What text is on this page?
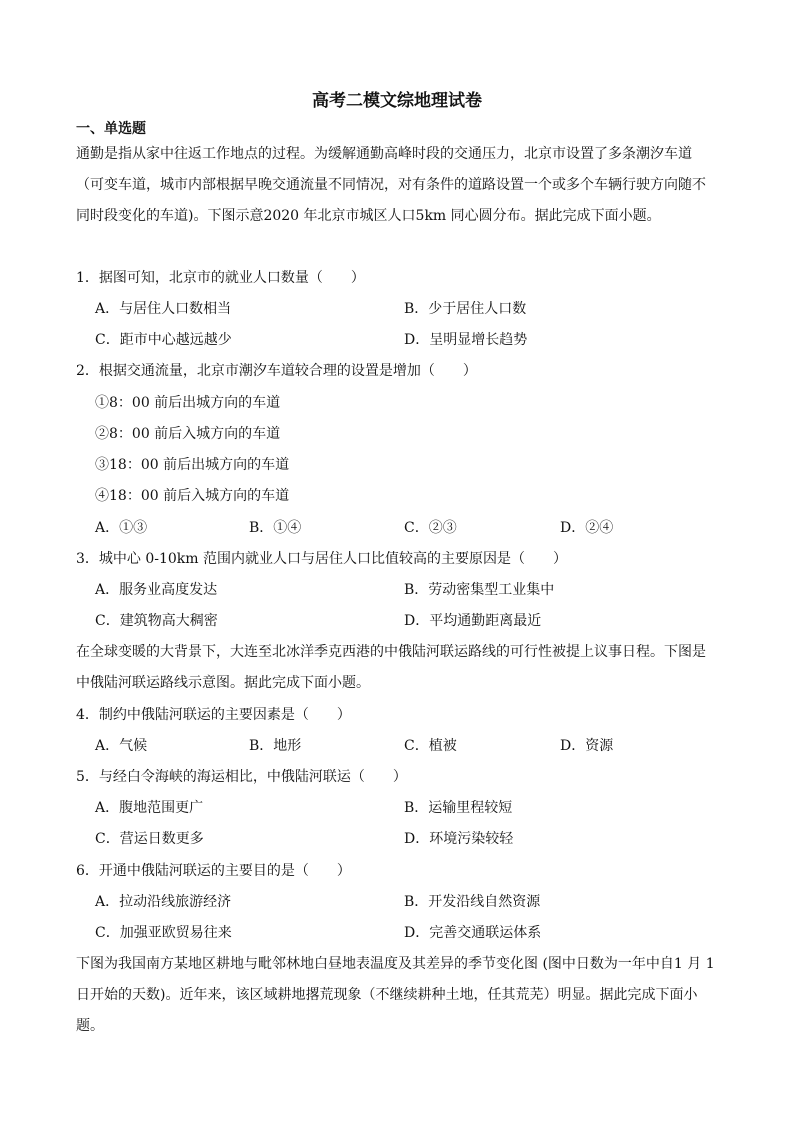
高考二模文综地理试卷
一、单选题

通勤是指从家中往返工作地点的过程。为缓解通勤高峰时段的交通压力，北京市设置了多条潮汐车道（可变车道，城市内部根据早晚交通流量不同情况，对有条件的道路设置一个或多个车辆行驶方向随不同时段变化的车道)。下图示意2020 年北京市城区人口5km 同心圆分布。据此完成下面小题。

1．据图可知，北京市的就业人口数量（　　）
A．与居住人口数相当	B．少于居住人口数
C．距市中心越远越少	D．呈明显增长趋势
2．根据交通流量，北京市潮汐车道较合理的设置是增加（　　）
①8：00 前后出城方向的车道
②8：00 前后入城方向的车道
③18：00 前后出城方向的车道
④18：00 前后入城方向的车道
A．①③	B．①④	C．②③	D．②④
3．城中心 0-10km 范围内就业人口与居住人口比值较高的主要原因是（　　）
A．服务业高度发达	B．劳动密集型工业集中
C．建筑物高大稠密	D．平均通勤距离最近

在全球变暖的大背景下，大连至北冰洋季克西港的中俄陆河联运路线的可行性被提上议事日程。下图是中俄陆河联运路线示意图。据此完成下面小题。

4．制约中俄陆河联运的主要因素是（　　）
A．气候	B．地形	C．植被	D．资源
5．与经白令海峡的海运相比，中俄陆河联运（　　）
A．腹地范围更广	B．运输里程较短
C．营运日数更多	D．环境污染较轻
6．开通中俄陆河联运的主要目的是（　　）
A．拉动沿线旅游经济	B．开发沿线自然资源
C．加强亚欧贸易往来	D．完善交通联运体系

下图为我国南方某地区耕地与毗邻林地白昼地表温度及其差异的季节变化图 (图中日数为一年中自1 月 1 日开始的天数)。近年来，该区域耕地撂荒现象（不继续耕种土地，任其荒芜）明显。据此完成下面小题。
